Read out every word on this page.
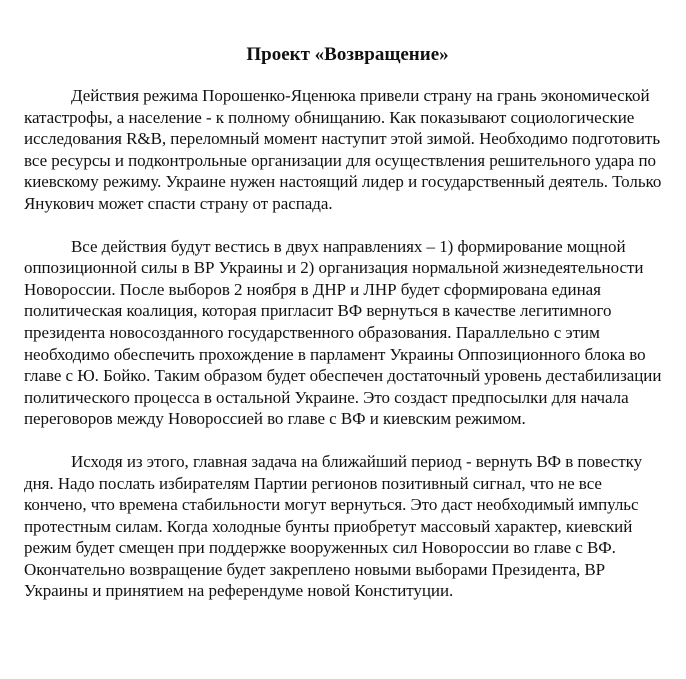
Проект «Возвращение»

Действия режима Порошенко-Яценюка привели страну на грань экономической катастрофы, а население - к полному обнищанию. Как показывают социологические исследования R&B, переломный момент наступит этой зимой. Необходимо подготовить все ресурсы и подконтрольные организации для осуществления решительного удара по киевскому режиму. Украине нужен настоящий лидер и государственный деятель. Только Янукович может спасти страну от распада.

Все действия будут вестись в двух направлениях – 1) формирование мощной оппозиционной силы в ВР Украины и 2) организация нормальной жизнедеятельности Новороссии. После выборов 2 ноября в ДНР и ЛНР будет сформирована единая политическая коалиция, которая пригласит ВФ вернуться в качестве легитимного президента новосозданного государственного образования. Параллельно с этим необходимо обеспечить прохождение в парламент Украины Оппозиционного блока во главе с Ю. Бойко. Таким образом будет обеспечен достаточный уровень дестабилизации политического процесса в остальной Украине. Это создаст предпосылки для начала переговоров между Новороссией во главе с ВФ и киевским режимом.

Исходя из этого, главная задача на ближайший период - вернуть ВФ в повестку дня. Надо послать избирателям Партии регионов позитивный сигнал, что не все кончено, что времена стабильности могут вернуться. Это даст необходимый импульс протестным силам. Когда холодные бунты приобретут массовый характер, киевский режим будет смещен при поддержке вооруженных сил Новороссии во главе с ВФ. Окончательно возвращение будет закреплено новыми выборами Президента, ВР Украины и принятием на референдуме новой Конституции.
